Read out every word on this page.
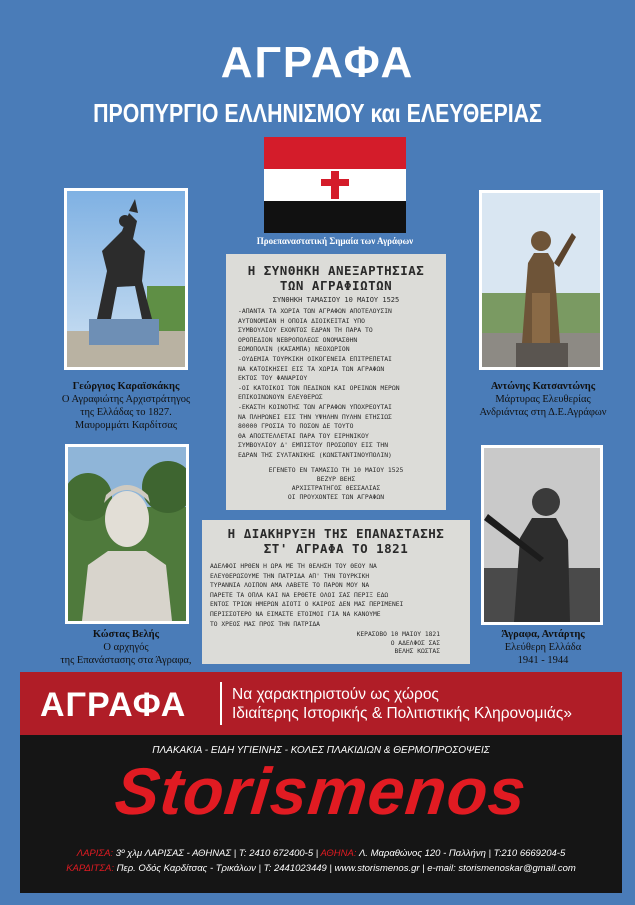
ΑΓΡΑΦΑ
ΠΡΟΠΥΡΓΙΟ ΕΛΛΗΝΙΣΜΟΥ και ΕΛΕΥΘΕΡΙΑΣ
Προεπαναστατική Σημαία των Αγράφων
Γεώργιος Καραϊσκάκης
Ο Αγραφιώτης Αρχιστράτηγος
της Ελλάδας το 1827.
Μαυρομμάτι Καρδίτσας
Αντώνης Κατσαντώνης
Μάρτυρας Ελευθερίας
Ανδριάντας στη Δ.Ε.Αγράφων
Κώστας Βελής
Ο αρχηγός
της Επανάστασης στα Άγραφα,
Άγραφα, Αντάρτης
Ελεύθερη Ελλάδα
1941 - 1944
Η ΣΥΝΘΗΚΗ ΑΝΕΞΑΡΤΗΣΙΑΣ
ΤΩΝ ΑΓΡΑΦΙΩΤΩΝ
ΣΥΝΘΗΚΗ ΤΑΜΑΣΙΟΥ 10 ΜΑΙΟΥ 1525
-ΑΠΑΝΤΑ ΤΑ ΧΩΡΙΑ ΤΩΝ ΑΓΡΑΦΩΝ ΑΠΟΤΕΛΟΥΣΙΝ
ΑΥΤΟΝΟΜΙΑΝ Η ΟΠΟΙΑ ΔΙΟΙΚΕΙΤΑΙ ΥΠΟ
ΣΥΜΒΟΥΛΙΟΥ ΕΧΟΝΤΟΣ ΕΔΡΑΝ ΤΗ ΠΑΡΑ ΤΟ
ΟΡΟΠΕΔΙΟΝ ΝΕΒΡΟΠΟΛΕΩΣ ΟΝΟΜΑΣΘΗΝ
ΕΩΜΟΠΟΛΙΝ (ΚΑΣΑΜΠΑ) ΝΕΟΧΩΡΙΟΝ
-ΟΥΔΕΜΙΑ ΤΟΥΡΚΙΚΗ ΟΙΚΟΓΕΝΕΙΑ ΕΠΙΤΡΕΠΕΤΑΙ
ΝΑ ΚΑΤΟΙΚΗΣΕΙ ΕΙΣ ΤΑ ΧΩΡΙΑ ΤΩΝ ΑΓΡΑΦΩΝ
ΕΚΤΟΣ ΤΟΥ ΦΑΝΑΡΙΟΥ
-ΟΙ ΚΑΤΟΙΚΟΙ ΤΩΝ ΠΕΔΙΝΩΝ ΚΑΙ ΟΡΕΙΝΩΝ ΜΕΡΩΝ
ΕΠΙΚΟΙΝΩΝΟΥΝ ΕΛΕΥΘΕΡΩΣ
-ΕΚΑΣΤΗ ΚΟΙΝΟΤΗΣ ΤΩΝ ΑΓΡΑΦΩΝ ΥΠΟΧΡΕΟΥΤΑΙ
ΝΑ ΠΛΗΡΩΝΕΙ ΕΙΣ ΤΗΝ ΥΨΗΛΗΝ ΠΥΛΗΝ ΕΤΗΣΙΩΣ
80000 ΓΡΟΣΙΑ ΤΟ ΠΟΣΟΝ ΔΕ ΤΟΥΤΟ
ΘΑ ΑΠΟΣΤΕΛΛΕΤΑΙ ΠΑΡΑ ΤΟΥ ΕΙΡΗΝΙΚΟΥ
ΣΥΜΒΟΥΛΙΟΥ Δ' ΕΜΠΙΣΤΟΥ ΠΡΟΣΩΠΟΥ ΕΙΣ ΤΗΝ
ΕΔΡΑΝ ΤΗΣ ΣΥΛΤΑΝΙΚΗΣ (ΚΩΝΣΤΑΝΤΙΝΟΥΠΟΛΙΝ)
ΕΓΕΝΕΤΟ ΕΝ ΤΑΜΑΣΙΩ ΤΗ 10 ΜΑΙΟΥ 1525
ΒΕΖΥΡ ΒΕΗΣ
ΑΡΧΙΣΤΡΑΤΗΓΟΣ ΘΕΣΣΑΛΙΑΣ
ΟΙ ΠΡΟΥΧΟΝΤΕΣ ΤΩΝ ΑΓΡΑΦΩΝ
Η ΔΙΑΚΗΡΥΞΗ ΤΗΣ ΕΠΑΝΑΣΤΑΣΗΣ
ΣΤ' ΑΓΡΑΦΑ ΤΟ 1821
ΑΔΕΛΦΟΙ ΗΡΘΕΝ Η ΩΡΑ ΜΕ ΤΗ ΘΕΛΗΣΗ ΤΟΥ ΘΕΟΥ ΝΑ
ΕΛΕΥΘΕΡΩΣΟΥΜΕ ΤΗΝ ΠΑΤΡΙΔΑ ΑΠ' ΤΗΝ ΤΟΥΡΚΙΚΗ
ΤΥΡΑΝΝΙΑ ΛΟΙΠΟΝ ΑΜΑ ΛΑΒΕΤΕ ΤΟ ΠΑΡΟΝ ΜΟΥ ΝΑ
ΠΑΡΕΤΕ ΤΑ ΟΠΛΑ ΚΑΙ ΝΑ ΕΡΘΕΤΕ ΟΛΟΙ ΣΑΣ ΠΕΡΙΞ ΕΔΩ
ΕΝΤΟΣ ΤΡΙΩΝ ΗΜΕΡΩΝ ΔΙΟΤΙ Ο ΚΑΙΡΟΣ ΔΕΝ ΜΑΣ ΠΕΡΙΜΕΝΕΙ
ΠΕΡΙΣΣΟΤΕΡΟ ΝΑ ΕΙΜΑΣΤΕ ΕΤΟΙΜΟΙ ΓΙΑ ΝΑ ΚΑΝΟΥΜΕ
ΤΟ ΧΡΕΟΣ ΜΑΣ ΠΡΟΣ ΤΗΝ ΠΑΤΡΙΔΑ
ΚΕΡΑΣΟΒΟ 10 ΜΑΙΟΥ 1821
Ο ΑΔΕΛΦΟΣ ΣΑΣ
ΒΕΛΗΣ ΚΩΣΤΑΣ
ΑΓΡΑΦΑ	Να χαρακτηριστούν ως χώρος
Ιδιαίτερης Ιστορικής & Πολιτιστικής Κληρονομιάς»
ΠΛΑΚΑΚΙΑ - ΕΙΔΗ ΥΓΙΕΙΝΗΣ - ΚΟΛΕΣ ΠΛΑΚΙΔΙΩΝ & ΘΕΡΜΟΠΡΟΣΟΨΕΙΣ
Storismenos
ΛΑΡΙΣΑ: 3º χλμ ΛΑΡΙΣΑΣ - ΑΘΗΝΑΣ | Τ: 2410 672400-5 | ΑΘΗΝΑ: Λ. Μαραθώνος 120 - Παλλήνη | Τ:210 6669204-5
ΚΑΡΔΙΤΣΑ: Περ. Οδός Καρδίτσας - Τρικάλων | Τ: 2441023449 | www.storismenos.gr | e-mail: storismenoskar@gmail.com
